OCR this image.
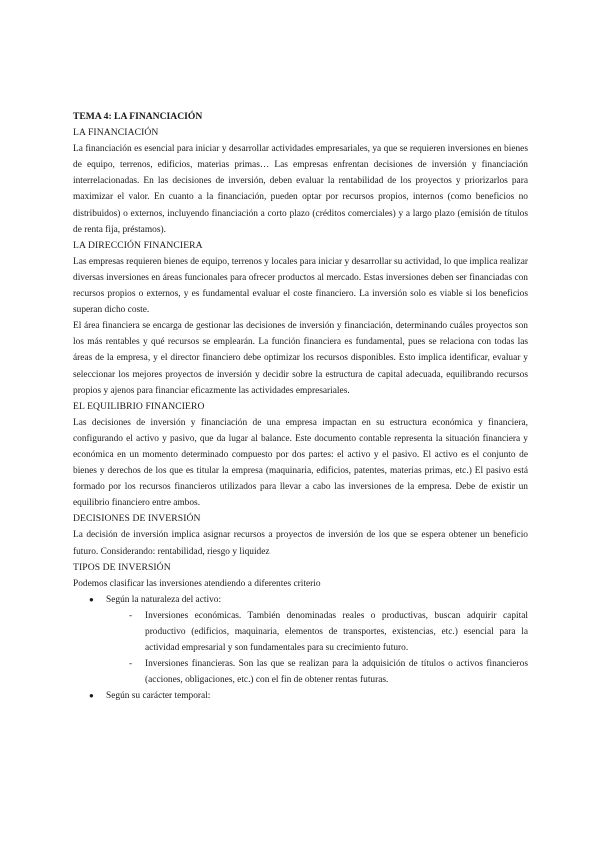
TEMA 4: LA FINANCIACIÓN

LA FINANCIACIÓN

La financiación es esencial para iniciar y desarrollar actividades empresariales, ya que se requieren inversiones en bienes de equipo, terrenos, edificios, materias primas… Las empresas enfrentan decisiones de inversión y financiación interrelacionadas. En las decisiones de inversión, deben evaluar la rentabilidad de los proyectos y priorizarlos para maximizar el valor. En cuanto a la financiación, pueden optar por recursos propios, internos (como beneficios no distribuidos) o externos, incluyendo financiación a corto plazo (créditos comerciales) y a largo plazo (emisión de títulos de renta fija, préstamos).

LA DIRECCIÓN FINANCIERA

Las empresas requieren bienes de equipo, terrenos y locales para iniciar y desarrollar su actividad, lo que implica realizar diversas inversiones en áreas funcionales para ofrecer productos al mercado. Estas inversiones deben ser financiadas con recursos propios o externos, y es fundamental evaluar el coste financiero. La inversión solo es viable si los beneficios superan dicho coste.

El área financiera se encarga de gestionar las decisiones de inversión y financiación, determinando cuáles proyectos son los más rentables y qué recursos se emplearán. La función financiera es fundamental, pues se relaciona con todas las áreas de la empresa, y el director financiero debe optimizar los recursos disponibles. Esto implica identificar, evaluar y seleccionar los mejores proyectos de inversión y decidir sobre la estructura de capital adecuada, equilibrando recursos propios y ajenos para financiar eficazmente las actividades empresariales.

EL EQUILIBRIO FINANCIERO

Las decisiones de inversión y financiación de una empresa impactan en su estructura económica y financiera, configurando el activo y pasivo, que da lugar al balance. Este documento contable representa la situación financiera y económica en un momento determinado compuesto por dos partes: el activo y el pasivo. El activo es el conjunto de bienes y derechos de los que es titular la empresa (maquinaria, edificios, patentes, materias primas, etc.) El pasivo está formado por los recursos financieros utilizados para llevar a cabo las inversiones de la empresa. Debe de existir un equilibrio financiero entre ambos.

DECISIONES DE INVERSIÓN

La decisión de inversión implica asignar recursos a proyectos de inversión de los que se espera obtener un beneficio futuro. Considerando: rentabilidad, riesgo y liquidez

TIPOS DE INVERSIÓN

Podemos clasificar las inversiones atendiendo a diferentes criterio

● Según la naturaleza del activo:
- Inversiones económicas. También denominadas reales o productivas, buscan adquirir capital productivo (edificios, maquinaria, elementos de transportes, existencias, etc.) esencial para la actividad empresarial y son fundamentales para su crecimiento futuro.
- Inversiones financieras. Son las que se realizan para la adquisición de títulos o activos financieros (acciones, obligaciones, etc.) con el fin de obtener rentas futuras.
● Según su carácter temporal:
